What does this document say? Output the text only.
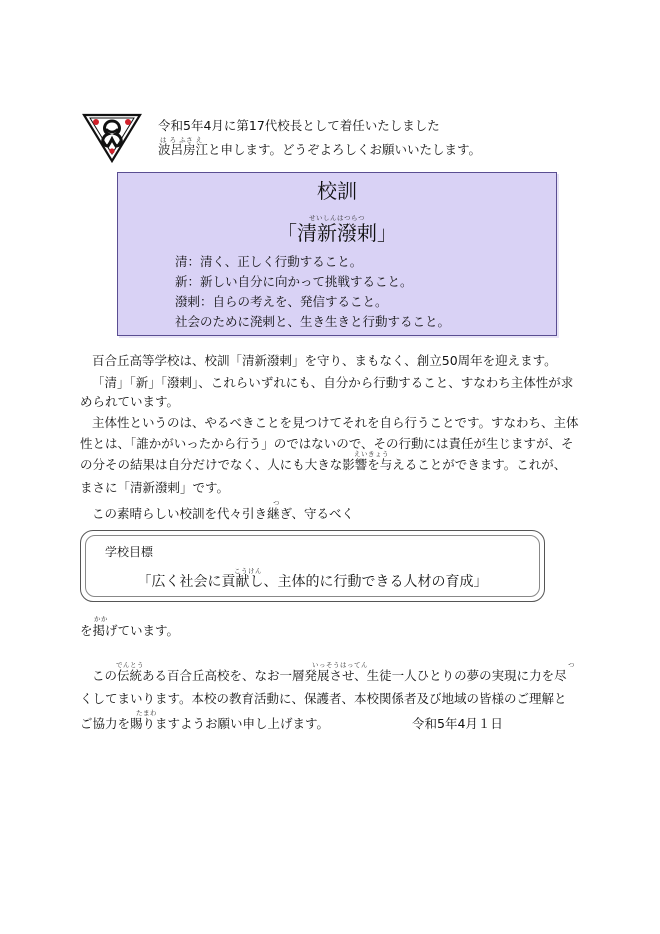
は ろ ふさ え
令和5年4月に第17代校長として着任いたしました
波呂房江と申します。どうぞよろしくお願いいたします。
校訓
せいしんはつらつ
「清新潑剌」
清：清く、正しく行動すること。
新：新しい自分に向かって挑戦すること。
潑剌：自らの考えを、発信すること。
社会のために溌剌と、生き生きと行動すること。
百合丘高等学校は、校訓「清新潑剌」を守り、まもなく、創立50周年を迎えます。
「清」「新」「潑剌」、これらいずれにも、自分から行動すること、すなわち主体性が求
められています。
主体性というのは、やるべきことを見つけてそれを自ら行うことです。すなわち、主体
性とは、「誰かがいったから行う」のではないので、その行動には責任が生じますが、そ
えいきょう
の分その結果は自分だけでなく、人にも大きな影響を与えることができます。これが、
まさに「清新潑剌」です。
つ
この素晴らしい校訓を代々引き継ぎ、守るべく
学校目標
こうけん
「広く社会に貢献し、主体的に行動できる人材の育成」
かか
を掲げています。
でんとう	いっそうはってん	つ
この伝統ある百合丘高校を、なお一層発展させ、生徒一人ひとりの夢の実現に力を尽
くしてまいります。本校の教育活動に、保護者、本校関係者及び地域の皆様のご理解と
たまわ
ご協力を賜りますようお願い申し上げます。	令和5年4月１日
